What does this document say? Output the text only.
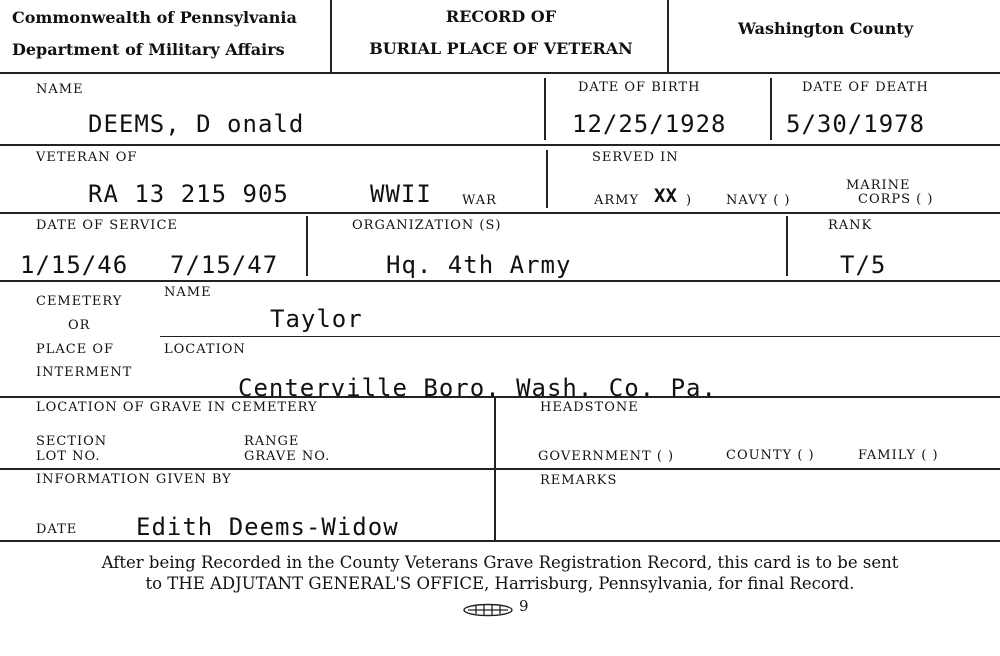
Commonwealth of Pennsylvania
Department of Military Affairs
RECORD OF
BURIAL PLACE OF VETERAN
Washington County
NAME
DEEMS, D onald
DATE OF BIRTH
12/25/1928
DATE OF DEATH
5/30/1978
VETERAN OF
RA 13 215 905	WWII WAR
SERVED IN
ARMY XX )	NAVY ( )
MARINE
CORPS ( )
DATE OF SERVICE
1/15/46 7/15/47
ORGANIZATION (S)
Hq. 4th Army
RANK
T/5
CEMETERY
OR
PLACE OF
INTERMENT
NAME
Taylor
LOCATION
Centerville Boro. Wash. Co. Pa.
LOCATION OF GRAVE IN CEMETERY
SECTION
LOT NO.
RANGE
GRAVE NO.
HEADSTONE
GOVERNMENT ( )	COUNTY ( )	FAMILY ( )
INFORMATION GIVEN BY
DATE Edith Deems-Widow
REMARKS
After being Recorded in the County Veterans Grave Registration Record, this card is to be sent
to THE ADJUTANT GENERAL'S OFFICE, Harrisburg, Pennsylvania, for final Record.
9
